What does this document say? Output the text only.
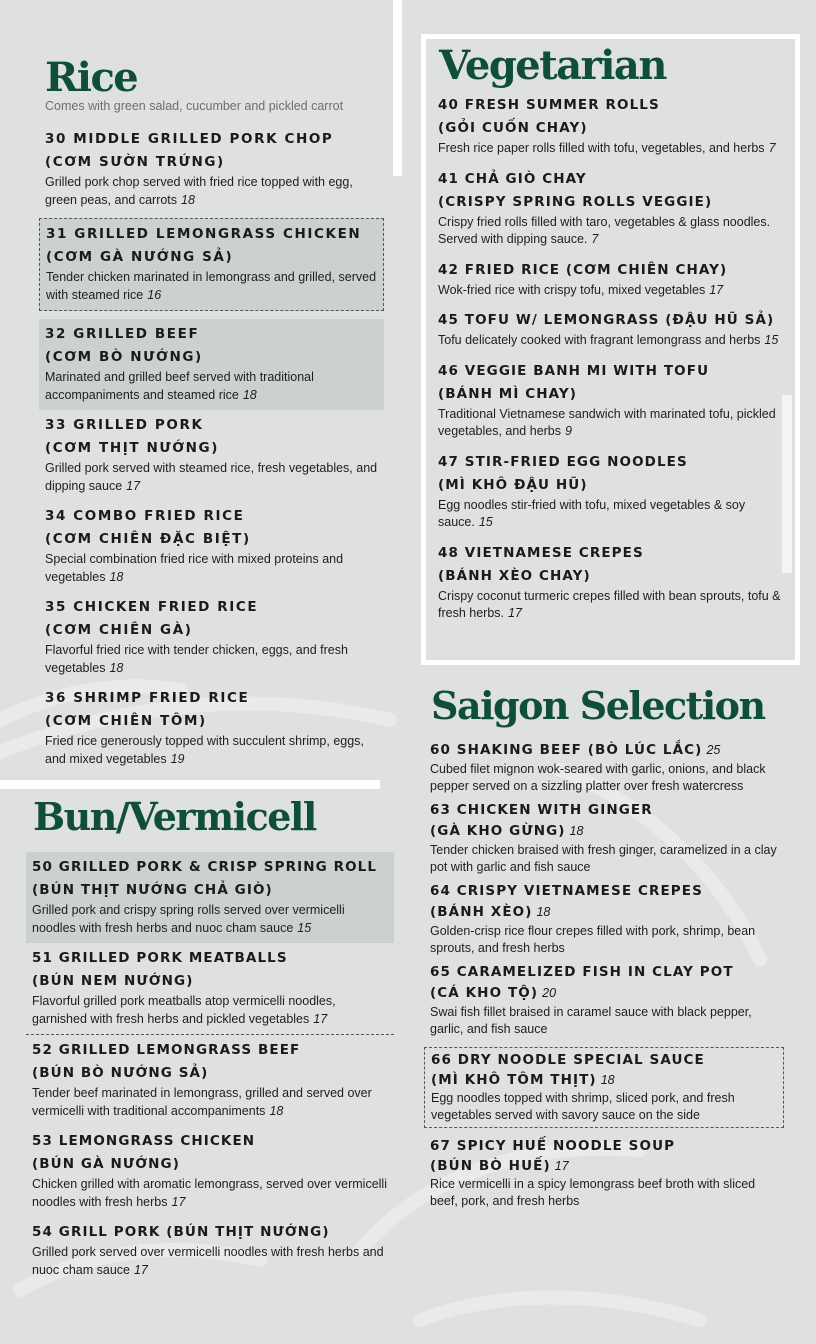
Rice
Comes with green salad, cucumber and pickled carrot
30 MIDDLE GRILLED PORK CHOP
(CƠM SƯỜN TRỨNG)
Grilled pork chop served with fried rice topped with egg, green peas, and carrots 18
31 GRILLED LEMONGRASS CHICKEN
(CƠM GÀ NƯỚNG SẢ)
Tender chicken marinated in lemongrass and grilled, served with steamed rice 16
32 GRILLED BEEF
(CƠM BÒ NƯỚNG)
Marinated and grilled beef served with traditional accompaniments and steamed rice 18
33 GRILLED PORK
(CƠM THỊT NƯỚNG)
Grilled pork served with steamed rice, fresh vegetables, and dipping sauce 17
34 COMBO FRIED RICE
(CƠM CHIÊN ĐẶC BIỆT)
Special combination fried rice with mixed proteins and vegetables 18
35 CHICKEN FRIED RICE
(CƠM CHIÊN GÀ)
Flavorful fried rice with tender chicken, eggs, and fresh vegetables 18
36 SHRIMP FRIED RICE
(CƠM CHIÊN TÔM)
Fried rice generously topped with succulent shrimp, eggs, and mixed vegetables 19
Vegetarian
40 FRESH SUMMER ROLLS
(GỎI CUỐN CHAY)
Fresh rice paper rolls filled with tofu, vegetables, and herbs 7
41 CHẢ GIÒ CHAY
(CRISPY SPRING ROLLS VEGGIE)
Crispy fried rolls filled with taro, vegetables & glass noodles. Served with dipping sauce. 7
42 FRIED RICE (CƠM CHIÊN CHAY)
Wok-fried rice with crispy tofu, mixed vegetables 17
45 TOFU W/ LEMONGRASS (ĐẬU HŨ SẢ)
Tofu delicately cooked with fragrant lemongrass and herbs 15
46 VEGGIE BANH MI WITH TOFU
(BÁNH MÌ CHAY)
Traditional Vietnamese sandwich with marinated tofu, pickled vegetables, and herbs 9
47 STIR-FRIED EGG NOODLES
(MÌ KHÔ ĐẬU HŨ)
Egg noodles stir-fried with tofu, mixed vegetables & soy sauce. 15
48 VIETNAMESE CREPES
(BÁNH XÈO CHAY)
Crispy coconut turmeric crepes filled with bean sprouts, tofu & fresh herbs. 17
Bun/Vermicell
50 GRILLED PORK & CRISP SPRING ROLL
(BÚN THỊT NƯỚNG CHẢ GIÒ)
Grilled pork and crispy spring rolls served over vermicelli noodles with fresh herbs and nuoc cham sauce 15
51 GRILLED PORK MEATBALLS
(BÚN NEM NƯỚNG)
Flavorful grilled pork meatballs atop vermicelli noodles, garnished with fresh herbs and pickled vegetables 17
52 GRILLED LEMONGRASS BEEF
(BÚN BÒ NƯỚNG SẢ)
Tender beef marinated in lemongrass, grilled and served over vermicelli with traditional accompaniments 18
53 LEMONGRASS CHICKEN
(BÚN GÀ NƯỚNG)
Chicken grilled with aromatic lemongrass, served over vermicelli noodles with fresh herbs 17
54 GRILL PORK (BÚN THỊT NƯỚNG)
Grilled pork served over vermicelli noodles with fresh herbs and nuoc cham sauce 17
Saigon Selection
60 SHAKING BEEF (BÒ LÚC LẮC) 25
Cubed filet mignon wok-seared with garlic, onions, and black pepper served on a sizzling platter over fresh watercress
63 CHICKEN WITH GINGER
(GÀ KHO GỪNG) 18
Tender chicken braised with fresh ginger, caramelized in a clay pot with garlic and fish sauce
64 CRISPY VIETNAMESE CREPES
(BÁNH XÈO) 18
Golden-crisp rice flour crepes filled with pork, shrimp, bean sprouts, and fresh herbs
65 CARAMELIZED FISH IN CLAY POT
(CÁ KHO TỘ) 20
Swai fish fillet braised in caramel sauce with black pepper, garlic, and fish sauce
66 DRY NOODLE SPECIAL SAUCE
(MÌ KHÔ TÔM THỊT) 18
Egg noodles topped with shrimp, sliced pork, and fresh vegetables served with savory sauce on the side
67 SPICY HUẾ NOODLE SOUP
(BÚN BÒ HUẾ) 17
Rice vermicelli in a spicy lemongrass beef broth with sliced beef, pork, and fresh herbs
